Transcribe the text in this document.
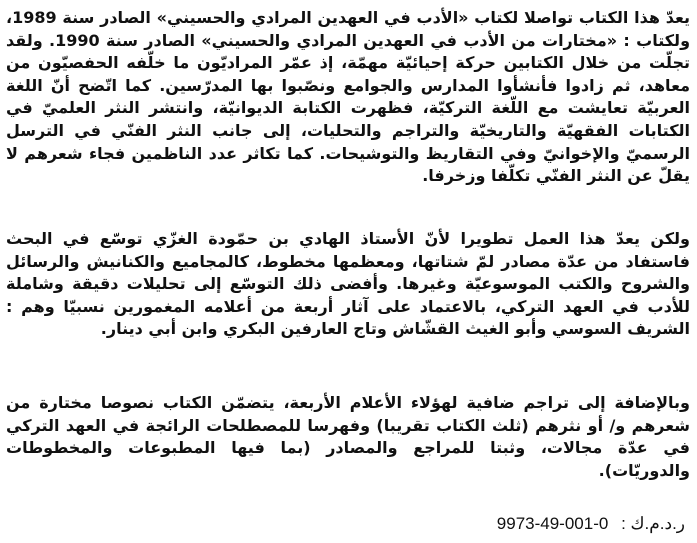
يعدّ هذا الكتاب تواصلا لكتاب «الأدب في العهدين المرادي والحسيني» الصادر سنة 1989، ولكتاب : «مختارات من الأدب في العهدين المرادي والحسيني» الصادر سنة 1990. ولقد تجلّت من خلال الكتابين حركة إحيائيّة مهمّة، إذ عمّر المراديّون ما خلّفه الحفصيّون من معاهد، ثم زادوا فأنشأوا المدارس والجوامع ونصّبوا بها المدرّسين. كما اتّضح أنّ اللغة العربيّة تعايشت مع اللّغة التركيّة، فظهرت الكتابة الديوانيّة، وانتشر النثر العلميّ في الكتابات الفقهيّة والتاريخيّة والتراجم والتحليات، إلى جانب النثر الفنّي في الترسل الرسميّ والإخوانيّ وفي التقاريظ والتوشيحات. كما تكاثر عدد الناظمين فجاء شعرهم لا يقلّ عن النثر الفنّي تكلّفا وزخرفا.

ولكن يعدّ هذا العمل تطويرا لأنّ الأستاذ الهادي بن حمّودة الغزّي توسّع في البحث فاستفاد من عدّة مصادر لمّ شتاتها، ومعظمها مخطوط، كالمجاميع والكنانيش والرسائل والشروح والكتب الموسوعيّة وغيرها. وأفضى ذلك التوسّع إلى تحليلات دقيقة وشاملة للأدب في العهد التركي، بالاعتماد على آثار أربعة من أعلامه المغمورين نسبيّا وهم : الشريف السوسي وأبو الغيث القشّاش وتاج العارفين البكري وابن أبي دينار.

وبالإضافة إلى تراجم ضافية لهؤلاء الأعلام الأربعة، يتضمّن الكتاب نصوصا مختارة من شعرهم و/ أو نثرهم (ثلث الكتاب تقريبا) وفهرسا للمصطلحات الرائجة في العهد التركي في عدّة مجالات، وثبتا للمراجع والمصادر (بما فيها المطبوعات والمخطوطات والدوريّات).

9973-49-001-0 ر.د.م.ك :
